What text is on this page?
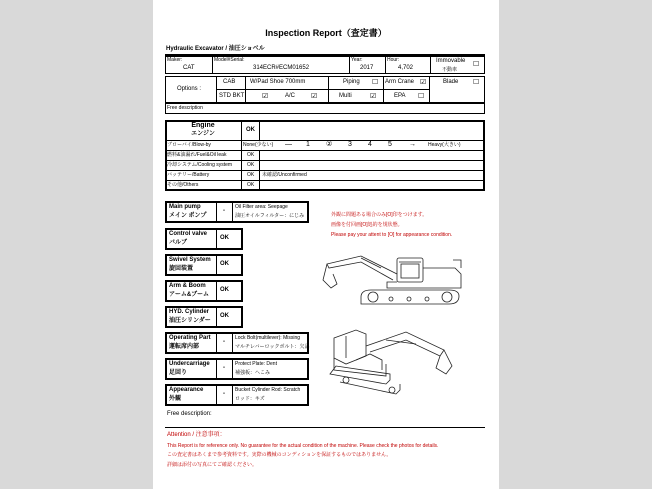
Inspection Report（査定書）
Hydraulic Excavator / 油圧ショベル
Maker:
CAT
Model#Serial:
314ECR#ECM01652
Year:
2017
Hour:
4,702
Immovable
不動車
☐
Options :
CAB W/Pad Shoe 700mm	Piping ☐ Arm Crane ☑	Blade ☐
STD BKT	☑	A/C ☑	Multi	☑	EPA ☐
Free description
Engine
エンジン
OK
ブローバイ/Blow-by	None(少ない) — 1 ② 3 4 5 → Heavy(大きい)
燃料&油漏れ/Fuel&Oil leak	OK
冷却システム/Cooling system	OK
バッテリー/Battery	OK 未確認/Unconfirmed
その他/Others	OK
Main pump
メイン ポンプ
-
Oil Filter area: Seepage
油圧オイルフィルター：にじみ
Control valve
バルブ
OK
Swivel System
旋回装置
OK
Arm & Boom
アーム&ブーム
OK
HYD. Cylinder
油圧シリンダー
OK
Operating Part
運転席内部
-
Lock Bolt(multilever): Missing
マルチレバーロックボルト：欠品
Undercarriage
足回り
-
Protect Plate: Dent
補強板：へこみ
Appearance
外観
-
Bucket Cylinder Rod: Scratch
ロッド：キズ
外観に問題ある場合のみ[O]印をつけます。
画像を付回画[O]処的を規状態。
Please pay your attent to [O] for appearance condition.
Free description:
Attention / 注意事項：
This Report is for reference only. No guarantee for the actual condition of the machine. Please check the photos for details.
この査定書はあくまで参考資料です。実際の機械のコンディションを保証するものではありません。
詳細は添付の写真にてご確認ください。
